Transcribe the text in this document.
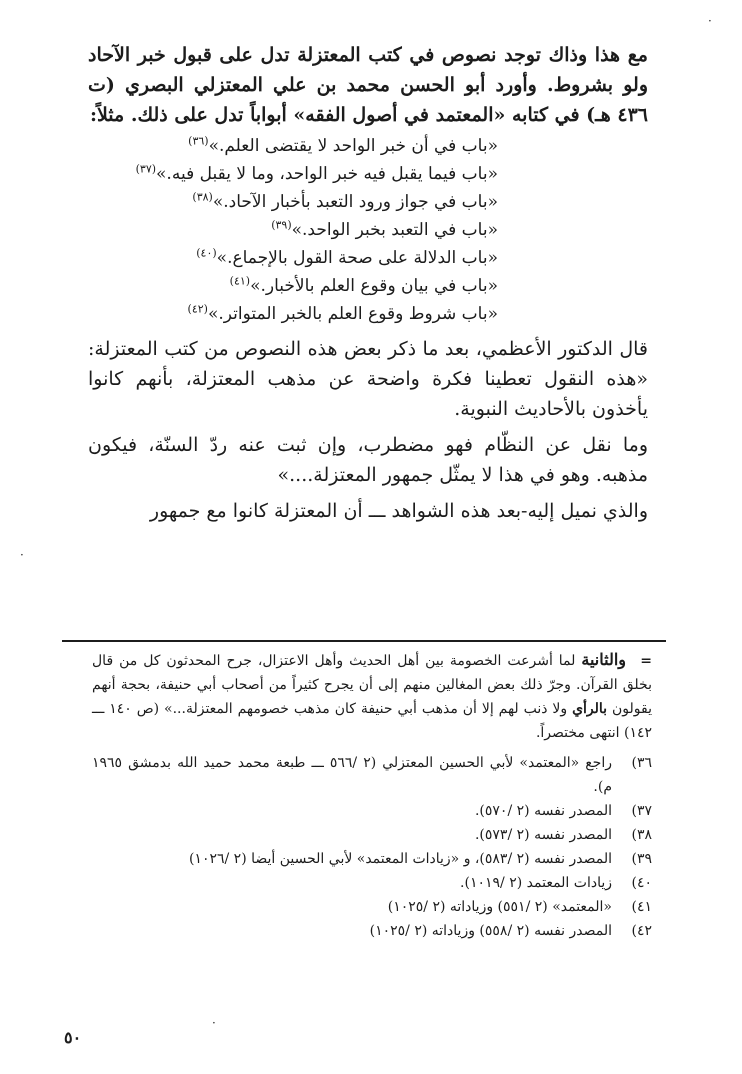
مع هذا وذاك توجد نصوص في كتب المعتزلة تدل على قبول خبر الآحاد ولو بشروط. وأورد أبو الحسن محمد بن علي المعتزلي البصري (ت ٤٣٦ هـ) في كتابه «المعتمد في أصول الفقه» أبواباً تدل على ذلك. مثلاً:

«باب في أن خبر الواحد لا يقتضى العلم.»$^{(٣٦)}$
«باب فيما يقبل فيه خبر الواحد، وما لا يقبل فيه.»$^{(٣٧)}$
«باب في جواز ورود التعبد بأخبار الآحاد.»$^{(٣٨)}$
«باب في التعبد بخبر الواحد.»$^{(٣٩)}$
«باب الدلالة على صحة القول بالإجماع.»$^{(٤٠)}$
«باب في بيان وقوع العلم بالأخبار.»$^{(٤١)}$
«باب شروط وقوع العلم بالخبر المتواتر.»$^{(٤٢)}$

قال الدكتور الأعظمي، بعد ما ذكر بعض هذه النصوص من كتب المعتزلة: «هذه النقول تعطينا فكرة واضحة عن مذهب المعتزلة، بأنهم كانوا يأخذون بالأحاديث النبوية.

وما نقل عن النظّام فهو مضطرب، وإن ثبت عنه ردّ السنّة، فيكون مذهبه. وهو في هذا لا يمثّل جمهور المعتزلة....»

والذي نميل إليه-بعد هذه الشواهد ـــ أن المعتزلة كانوا مع جمهور

=والثانية لما أشرعت الخصومة بين أهل الحديث وأهل الاعتزال، جرح المحدثون كل من قال بخلق القرآن. وجرّ ذلك بعض المغالين منهم إلى أن يجرح كثيراً من أصحاب أبي حنيفة، بحجة أنهم يقولون بالرأي ولا ذنب لهم إلا أن مذهب أبي حنيفة كان مذهب خصومهم المعتزلة...» (ص ١٤٠ ـــ ١٤٢) انتهى مختصراً.

٣٦)
راجع «المعتمد» لأبي الحسين المعتزلي (٢ /٥٦٦ ـــ طبعة محمد حميد الله بدمشق ١٩٦٥ م).
٣٧)
المصدر نفسه (٢ /٥٧٠).
٣٨)
المصدر نفسه (٢ /٥٧٣).
٣٩)
المصدر نفسه (٢ /٥٨٣)، و «زيادات المعتمد» لأبي الحسين أيضا (٢ /١٠٢٦)
٤٠)
زيادات المعتمد (٢ /١٠١٩).
٤١)
«المعتمد» (٢ /٥٥١) وزياداته (٢ /١٠٢٥)
٤٢)
المصدر نفسه (٢ /٥٥٨) وزياداته (٢ /١٠٢٥)
٥٠
·
·
·
